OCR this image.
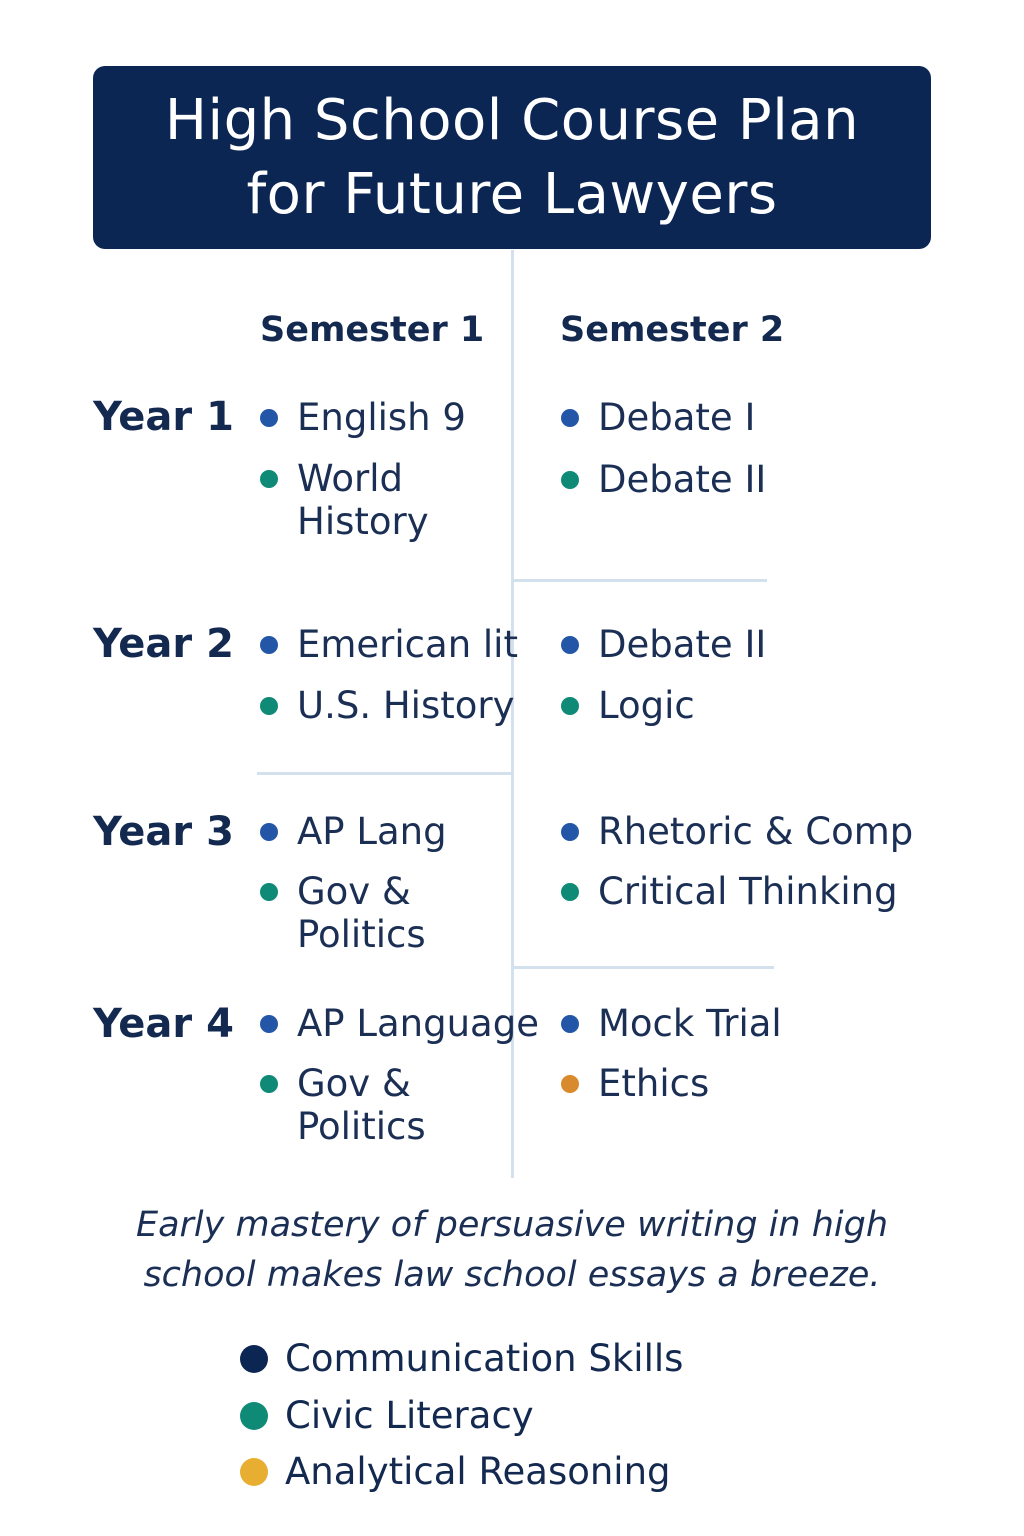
High School Course Plan
for Future Lawyers
Semester 1 Semester 2
Year 1 English 9
World
History
Debate I
Debate II
Year 2 Emerican lit
U.S. History
Debate II
Logic
Year 3 AP Lang
Gov &
Politics
Rhetoric & Comp
Critical Thinking
Year 4 AP Language
Gov &
Politics
Mock Trial
Ethics

Early mastery of persuasive writing in high
school makes law school essays a breeze.

Communication Skills
Civic Literacy
Analytical Reasoning
